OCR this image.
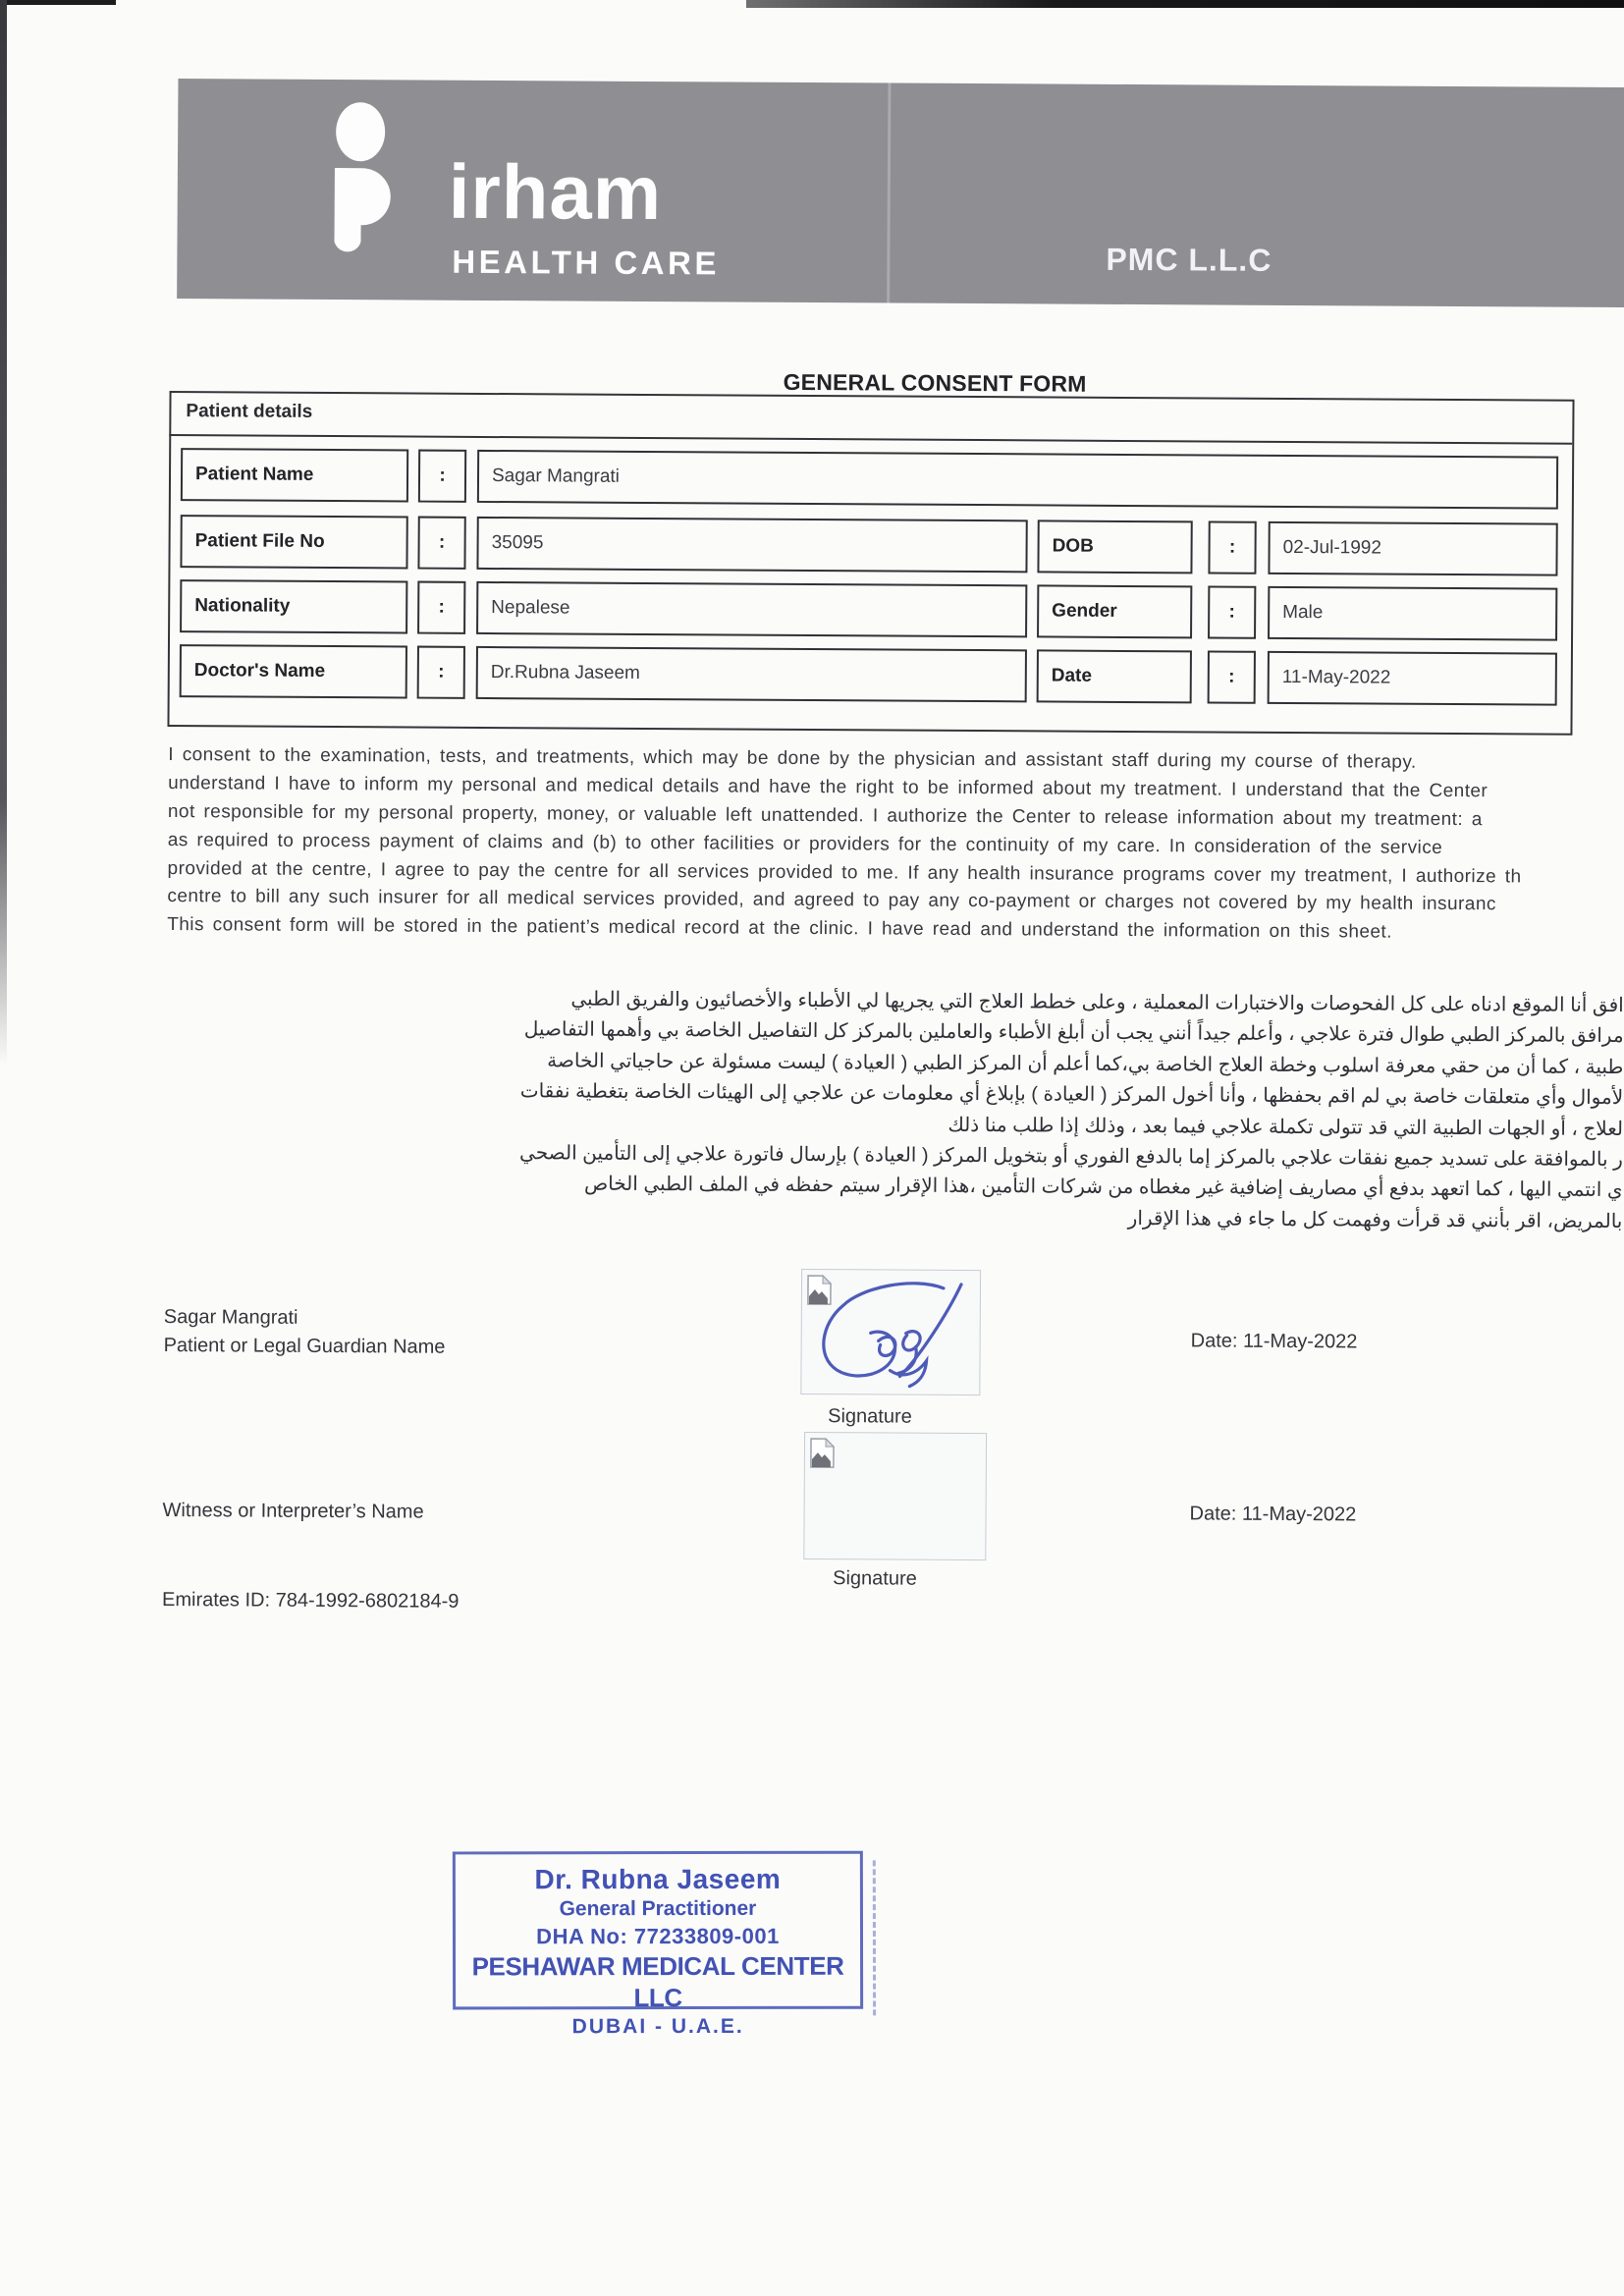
irham
HEALTH CARE	PMC L.L.C
GENERAL CONSENT FORM
Patient details
Patient Name	:	Sagar Mangrati
Patient File No	:	35095	DOB	:	02-Jul-1992
Nationality	:	Nepalese	Gender	:	Male
Doctor's Name	:	Dr.Rubna Jaseem	Date	:	11-May-2022
I consent to the examination, tests, and treatments, which may be done by the physician and assistant staff during my course of therapy.
understand I have to inform my personal and medical details and have the right to be informed about my treatment. I understand that the Center
not responsible for my personal property, money, or valuable left unattended. I authorize the Center to release information about my treatment: a
as required to process payment of claims and (b) to other facilities or providers for the continuity of my care. In consideration of the service
provided at the centre, I agree to pay the centre for all services provided to me. If any health insurance programs cover my treatment, I authorize th
centre to bill any such insurer for all medical services provided, and agreed to pay any co-payment or charges not covered by my health insuranc
This consent form will be stored in the patient’s medical record at the clinic. I have read and understand the information on this sheet.
افق أنا الموقع ادناه على كل الفحوصات والاختبارات المعملية ، وعلى خطط العلاج التي يجريها لي الأطباء والأخصائيون والفريق الطبي
مرافق بالمركز الطبي طوال فترة علاجي ، وأعلم جيداً أنني يجب أن أبلغ الأطباء والعاملين بالمركز كل التفاصيل الخاصة بي وأهمها التفاصيل
طبية ، كما أن من حقي معرفة اسلوب وخطة العلاج الخاصة بي،كما أعلم أن المركز الطبي ( العيادة ) ليست مسئولة عن حاجياتي الخاصة
لأموال وأي متعلقات خاصة بي لم اقم بحفظها ، وأنا أخول المركز ( العيادة ) بإبلاغ أي معلومات عن علاجي إلى الهيئات الخاصة بتغطية نفقات
لعلاج ، أو الجهات الطبية التي قد تتولى تكملة علاجي فيما بعد ، وذلك إذا طلب منا ذلك
ر بالموافقة على تسديد جميع نفقات علاجي بالمركز إما بالدفع الفوري أو بتخويل المركز ( العيادة ) بإرسال فاتورة علاجي إلى التأمين الصحي
ي انتمي اليها ، كما اتعهد بدفع أي مصاريف إضافية غير مغطاه من شركات التأمين ،هذا الإقرار سيتم حفظه في الملف الطبي الخاص
بالمريض، اقر بأنني قد قرأت وفهمت كل ما جاء في هذا الإقرار
Sagar Mangrati
Patient or Legal Guardian Name
Signature
Date: 11-May-2022
Witness or Interpreter’s Name
Signature
Date: 11-May-2022
Emirates ID: 784-1992-6802184-9
Dr. Rubna Jaseem
General Practitioner
DHA No: 77233809-001
PESHAWAR MEDICAL CENTER LLC
DUBAI - U.A.E.
